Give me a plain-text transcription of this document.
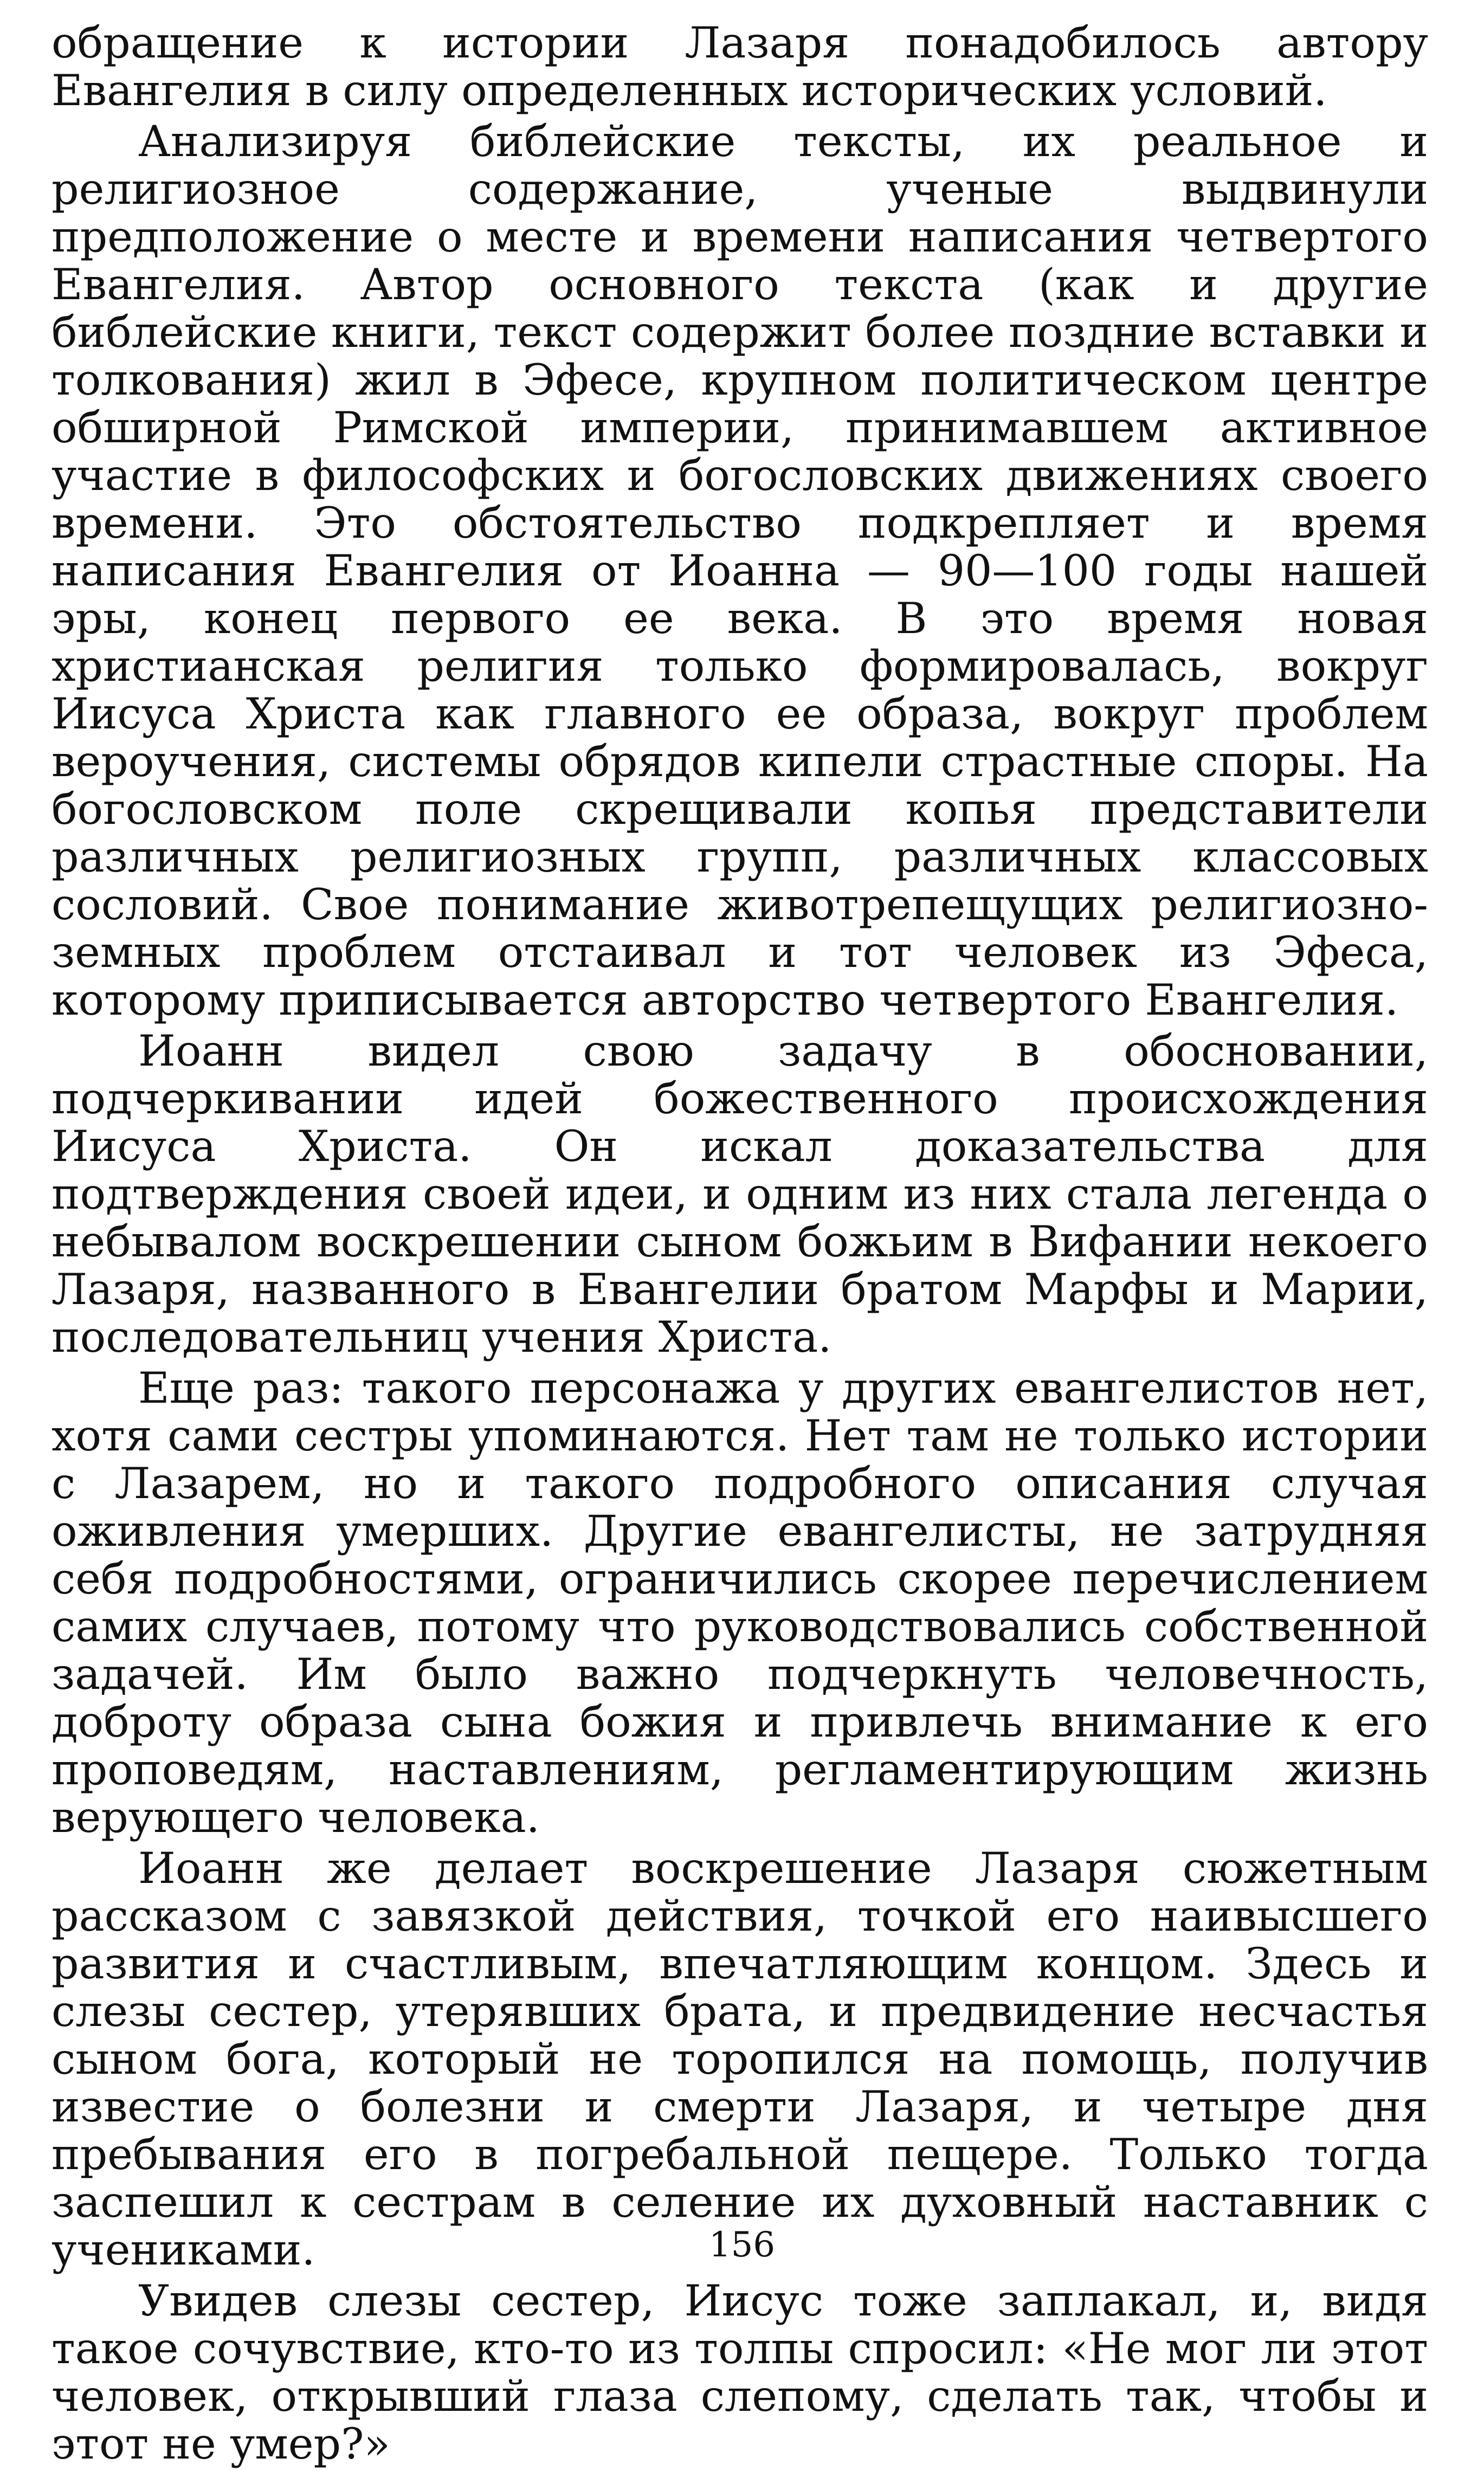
обращение к истории Лазаря понадобилось автору Евангелия в силу определенных исторических условий.

Анализируя библейские тексты, их реальное и религиозное содержание, ученые выдвинули предположение о месте и времени написания четвертого Евангелия. Автор основного текста (как и другие библейские книги, текст содержит более поздние вставки и толкования) жил в Эфесе, крупном политическом центре обширной Римской империи, принимавшем активное участие в философских и богословских движениях своего времени. Это обстоятельство подкрепляет и время написания Евангелия от Иоанна — 90—100 годы нашей эры, конец первого ее века. В это время новая христианская религия только формировалась, вокруг Иисуса Христа как главного ее образа, вокруг проблем вероучения, системы обрядов кипели страстные споры. На богословском поле скрещивали копья представители различных религиозных групп, различных классовых сословий. Свое понимание животрепещущих религиозно-земных проблем отстаивал и тот человек из Эфеса, которому приписывается авторство четвертого Евангелия.

Иоанн видел свою задачу в обосновании, подчеркивании идей божественного происхождения Иисуса Христа. Он искал доказательства для подтверждения своей идеи, и одним из них стала легенда о небывалом воскрешении сыном божьим в Вифании некоего Лазаря, названного в Евангелии братом Марфы и Марии, последовательниц учения Христа.

Еще раз: такого персонажа у других евангелистов нет, хотя сами сестры упоминаются. Нет там не только истории с Лазарем, но и такого подробного описания случая оживления умерших. Другие евангелисты, не затрудняя себя подробностями, ограничились скорее перечислением самих случаев, потому что руководствовались собственной задачей. Им было важно подчеркнуть человечность, доброту образа сына божия и привлечь внимание к его проповедям, наставлениям, регламентирующим жизнь верующего человека.

Иоанн же делает воскрешение Лазаря сюжетным рассказом с завязкой действия, точкой его наивысшего развития и счастливым, впечатляющим концом. Здесь и слезы сестер, утерявших брата, и предвидение несчастья сыном бога, который не торопился на помощь, получив известие о болезни и смерти Лазаря, и четыре дня пребывания его в погребальной пещере. Только тогда заспешил к сестрам в селение их духовный наставник с учениками.

Увидев слезы сестер, Иисус тоже заплакал, и, видя такое сочувствие, кто-то из толпы спросил: «Не мог ли этот человек, открывший глаза слепому, сделать так, чтобы и этот не умер?»

156
